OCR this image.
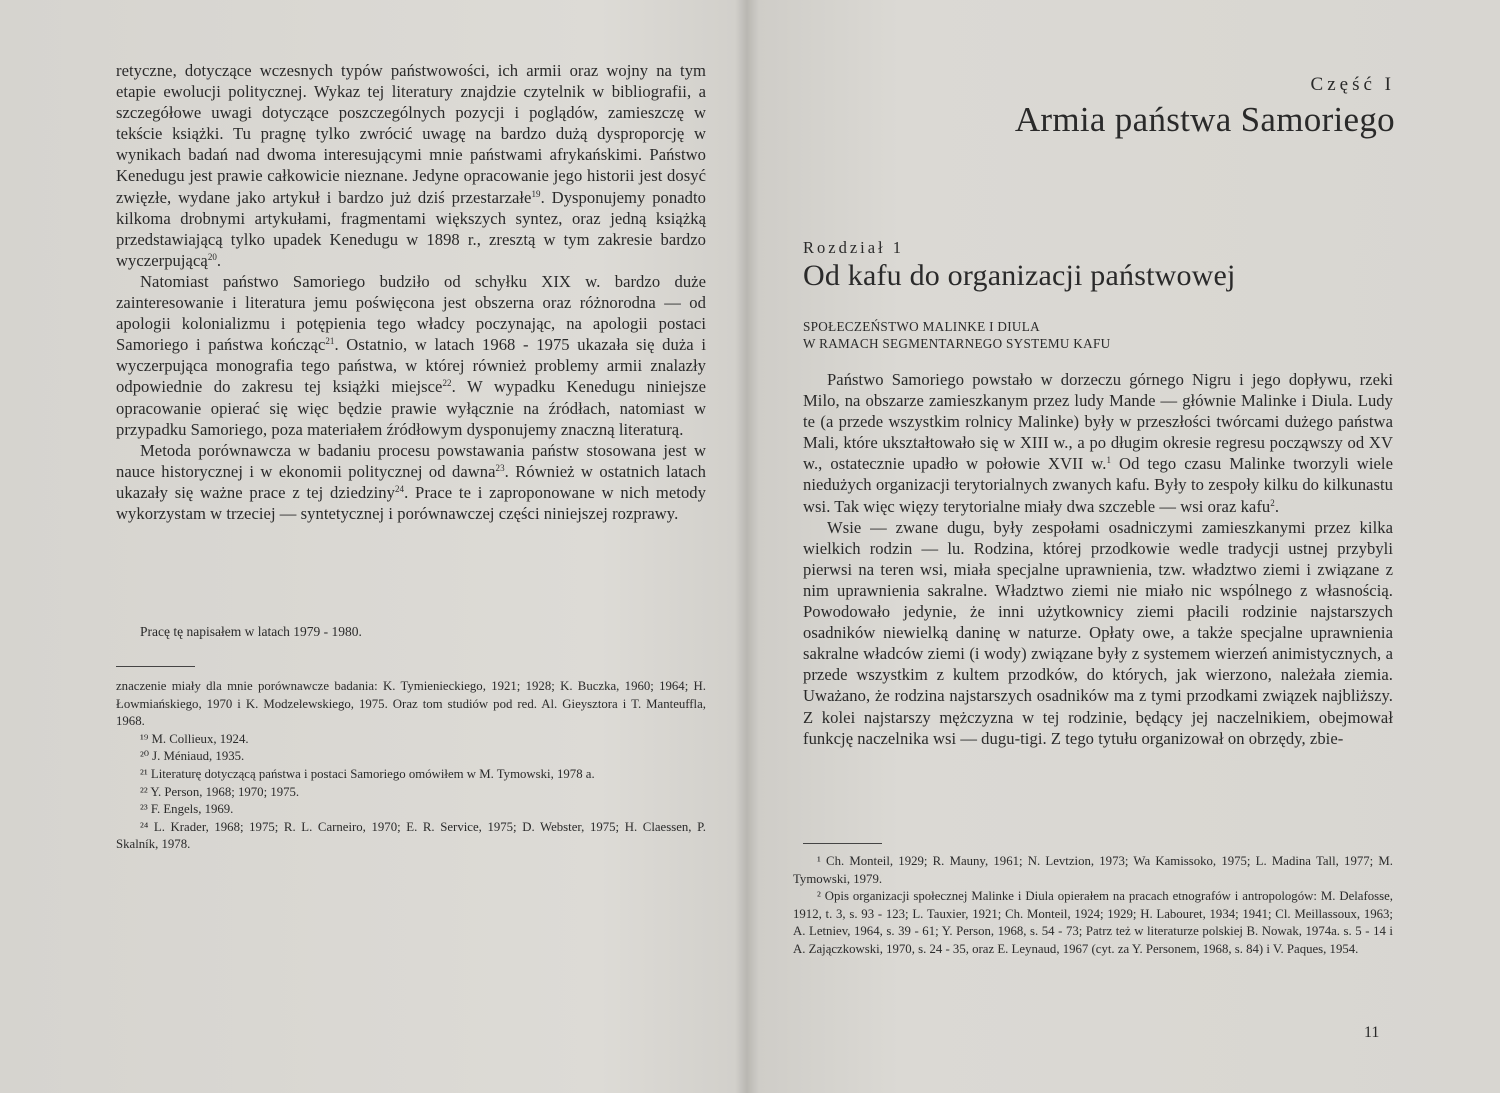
retyczne, dotyczące wczesnych typów państwowości, ich armii oraz wojny na tym etapie ewolucji politycznej. Wykaz tej literatury znajdzie czytelnik w bibliografii, a szczegółowe uwagi dotyczące poszczególnych pozycji i poglądów, zamieszczę w tekście książki. Tu pragnę tylko zwrócić uwagę na bardzo dużą dysproporcję w wynikach badań nad dwoma interesującymi mnie państwami afrykańskimi. Państwo Kenedugu jest prawie całkowicie nieznane. Jedyne opracowanie jego historii jest dosyć zwięzłe, wydane jako artykuł i bardzo już dziś przestarzałe$^{19}$. Dysponujemy ponadto kilkoma drobnymi artykułami, fragmentami większych syntez, oraz jedną książką przedstawiającą tylko upadek Kenedugu w 1898 r., zresztą w tym zakresie bardzo wyczerpującą$^{20}$.

Natomiast państwo Samoriego budziło od schyłku XIX w. bardzo duże zainteresowanie i literatura jemu poświęcona jest obszerna oraz różnorodna — od apologii kolonializmu i potępienia tego władcy poczynając, na apologii postaci Samoriego i państwa kończąc$^{21}$. Ostatnio, w latach 1968 - 1975 ukazała się duża i wyczerpująca monografia tego państwa, w której również problemy armii znalazły odpowiednie do zakresu tej książki miejsce$^{22}$. W wypadku Kenedugu niniejsze opracowanie opierać się więc będzie prawie wyłącznie na źródłach, natomiast w przypadku Samoriego, poza materiałem źródłowym dysponujemy znaczną literaturą.

Metoda porównawcza w badaniu procesu powstawania państw stosowana jest w nauce historycznej i w ekonomii politycznej od dawna$^{23}$. Również w ostatnich latach ukazały się ważne prace z tej dziedziny$^{24}$. Prace te i zaproponowane w nich metody wykorzystam w trzeciej — syntetycznej i porównawczej części niniejszej rozprawy.

Pracę tę napisałem w latach 1979 - 1980.

znaczenie miały dla mnie porównawcze badania: K. Tymienieckiego, 1921; 1928; K. Buczka, 1960; 1964; H. Łowmiańskiego, 1970 i K. Modzelewskiego, 1975. Oraz tom studiów pod red. Al. Gieysztora i T. Manteuffla, 1968.

¹⁹ M. Collieux, 1924.

²⁰ J. Méniaud, 1935.

²¹ Literaturę dotyczącą państwa i postaci Samoriego omówiłem w M. Tymowski, 1978 a.

²² Y. Person, 1968; 1970; 1975.

²³ F. Engels, 1969.

²⁴ L. Krader, 1968; 1975; R. L. Carneiro, 1970; E. R. Service, 1975; D. Webster, 1975; H. Claessen, P. Skalník, 1978.

Część I
Armia państwa Samoriego
Rozdział 1
Od kafu do organizacji państwowej
SPOŁECZEŃSTWO MALINKE I DIULA
W RAMACH SEGMENTARNEGO SYSTEMU KAFU

Państwo Samoriego powstało w dorzeczu górnego Nigru i jego dopływu, rzeki Milo, na obszarze zamieszkanym przez ludy Mande — głównie Malinke i Diula. Ludy te (a przede wszystkim rolnicy Malinke) były w przeszłości twórcami dużego państwa Mali, które ukształtowało się w XIII w., a po długim okresie regresu począwszy od XV w., ostatecznie upadło w połowie XVII w.$^1$ Od tego czasu Malinke tworzyli wiele niedużych organizacji terytorialnych zwanych kafu. Były to zespoły kilku do kilkunastu wsi. Tak więc więzy terytorialne miały dwa szczeble — wsi oraz kafu$^2$.

Wsie — zwane dugu, były zespołami osadniczymi zamieszkanymi przez kilka wielkich rodzin — lu. Rodzina, której przodkowie wedle tradycji ustnej przybyli pierwsi na teren wsi, miała specjalne uprawnienia, tzw. władztwo ziemi i związane z nim uprawnienia sakralne. Władztwo ziemi nie miało nic wspólnego z własnością. Powodowało jedynie, że inni użytkownicy ziemi płacili rodzinie najstarszych osadników niewielką daninę w naturze. Opłaty owe, a także specjalne uprawnienia sakralne władców ziemi (i wody) związane były z systemem wierzeń animistycznych, a przede wszystkim z kultem przodków, do których, jak wierzono, należała ziemia. Uważano, że rodzina najstarszych osadników ma z tymi przodkami związek najbliższy. Z kolei najstarszy mężczyzna w tej rodzinie, będący jej naczelnikiem, obejmował funkcję naczelnika wsi — dugu-tigi. Z tego tytułu organizował on obrzędy, zbie-

¹ Ch. Monteil, 1929; R. Mauny, 1961; N. Levtzion, 1973; Wa Kamissoko, 1975; L. Madina Tall, 1977; M. Tymowski, 1979.

² Opis organizacji społecznej Malinke i Diula opierałem na pracach etnografów i antropologów: M. Delafosse, 1912, t. 3, s. 93 - 123; L. Tauxier, 1921; Ch. Monteil, 1924; 1929; H. Labouret, 1934; 1941; Cl. Meillassoux, 1963; A. Letniev, 1964, s. 39 - 61; Y. Person, 1968, s. 54 - 73; Patrz też w literaturze polskiej B. Nowak, 1974a. s. 5 - 14 i A. Zajączkowski, 1970, s. 24 - 35, oraz E. Leynaud, 1967 (cyt. za Y. Personem, 1968, s. 84) i V. Paques, 1954.

11
